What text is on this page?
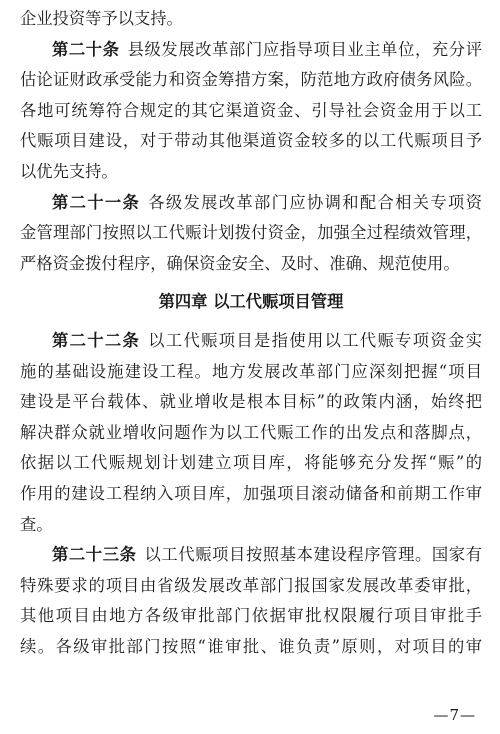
企业投资等予以支持。
第二十条 县级发展改革部门应指导项目业主单位，充分评
估论证财政承受能力和资金筹措方案，防范地方政府债务风险。
各地可统筹符合规定的其它渠道资金、引导社会资金用于以工
代赈项目建设，对于带动其他渠道资金较多的以工代赈项目予
以优先支持。
第二十一条 各级发展改革部门应协调和配合相关专项资
金管理部门按照以工代赈计划拨付资金，加强全过程绩效管理，
严格资金拨付程序，确保资金安全、及时、准确、规范使用。
第四章 以工代赈项目管理
第二十二条 以工代赈项目是指使用以工代赈专项资金实
施的基础设施建设工程。地方发展改革部门应深刻把握“项目
建设是平台载体、就业增收是根本目标”的政策内涵，始终把
解决群众就业增收问题作为以工代赈工作的出发点和落脚点，
依据以工代赈规划计划建立项目库，将能够充分发挥“赈”的
作用的建设工程纳入项目库，加强项目滚动储备和前期工作审
查。
第二十三条 以工代赈项目按照基本建设程序管理。国家有
特殊要求的项目由省级发展改革部门报国家发展改革委审批，
其他项目由地方各级审批部门依据审批权限履行项目审批手
续。各级审批部门按照“谁审批、谁负责”原则，对项目的审
—7—
